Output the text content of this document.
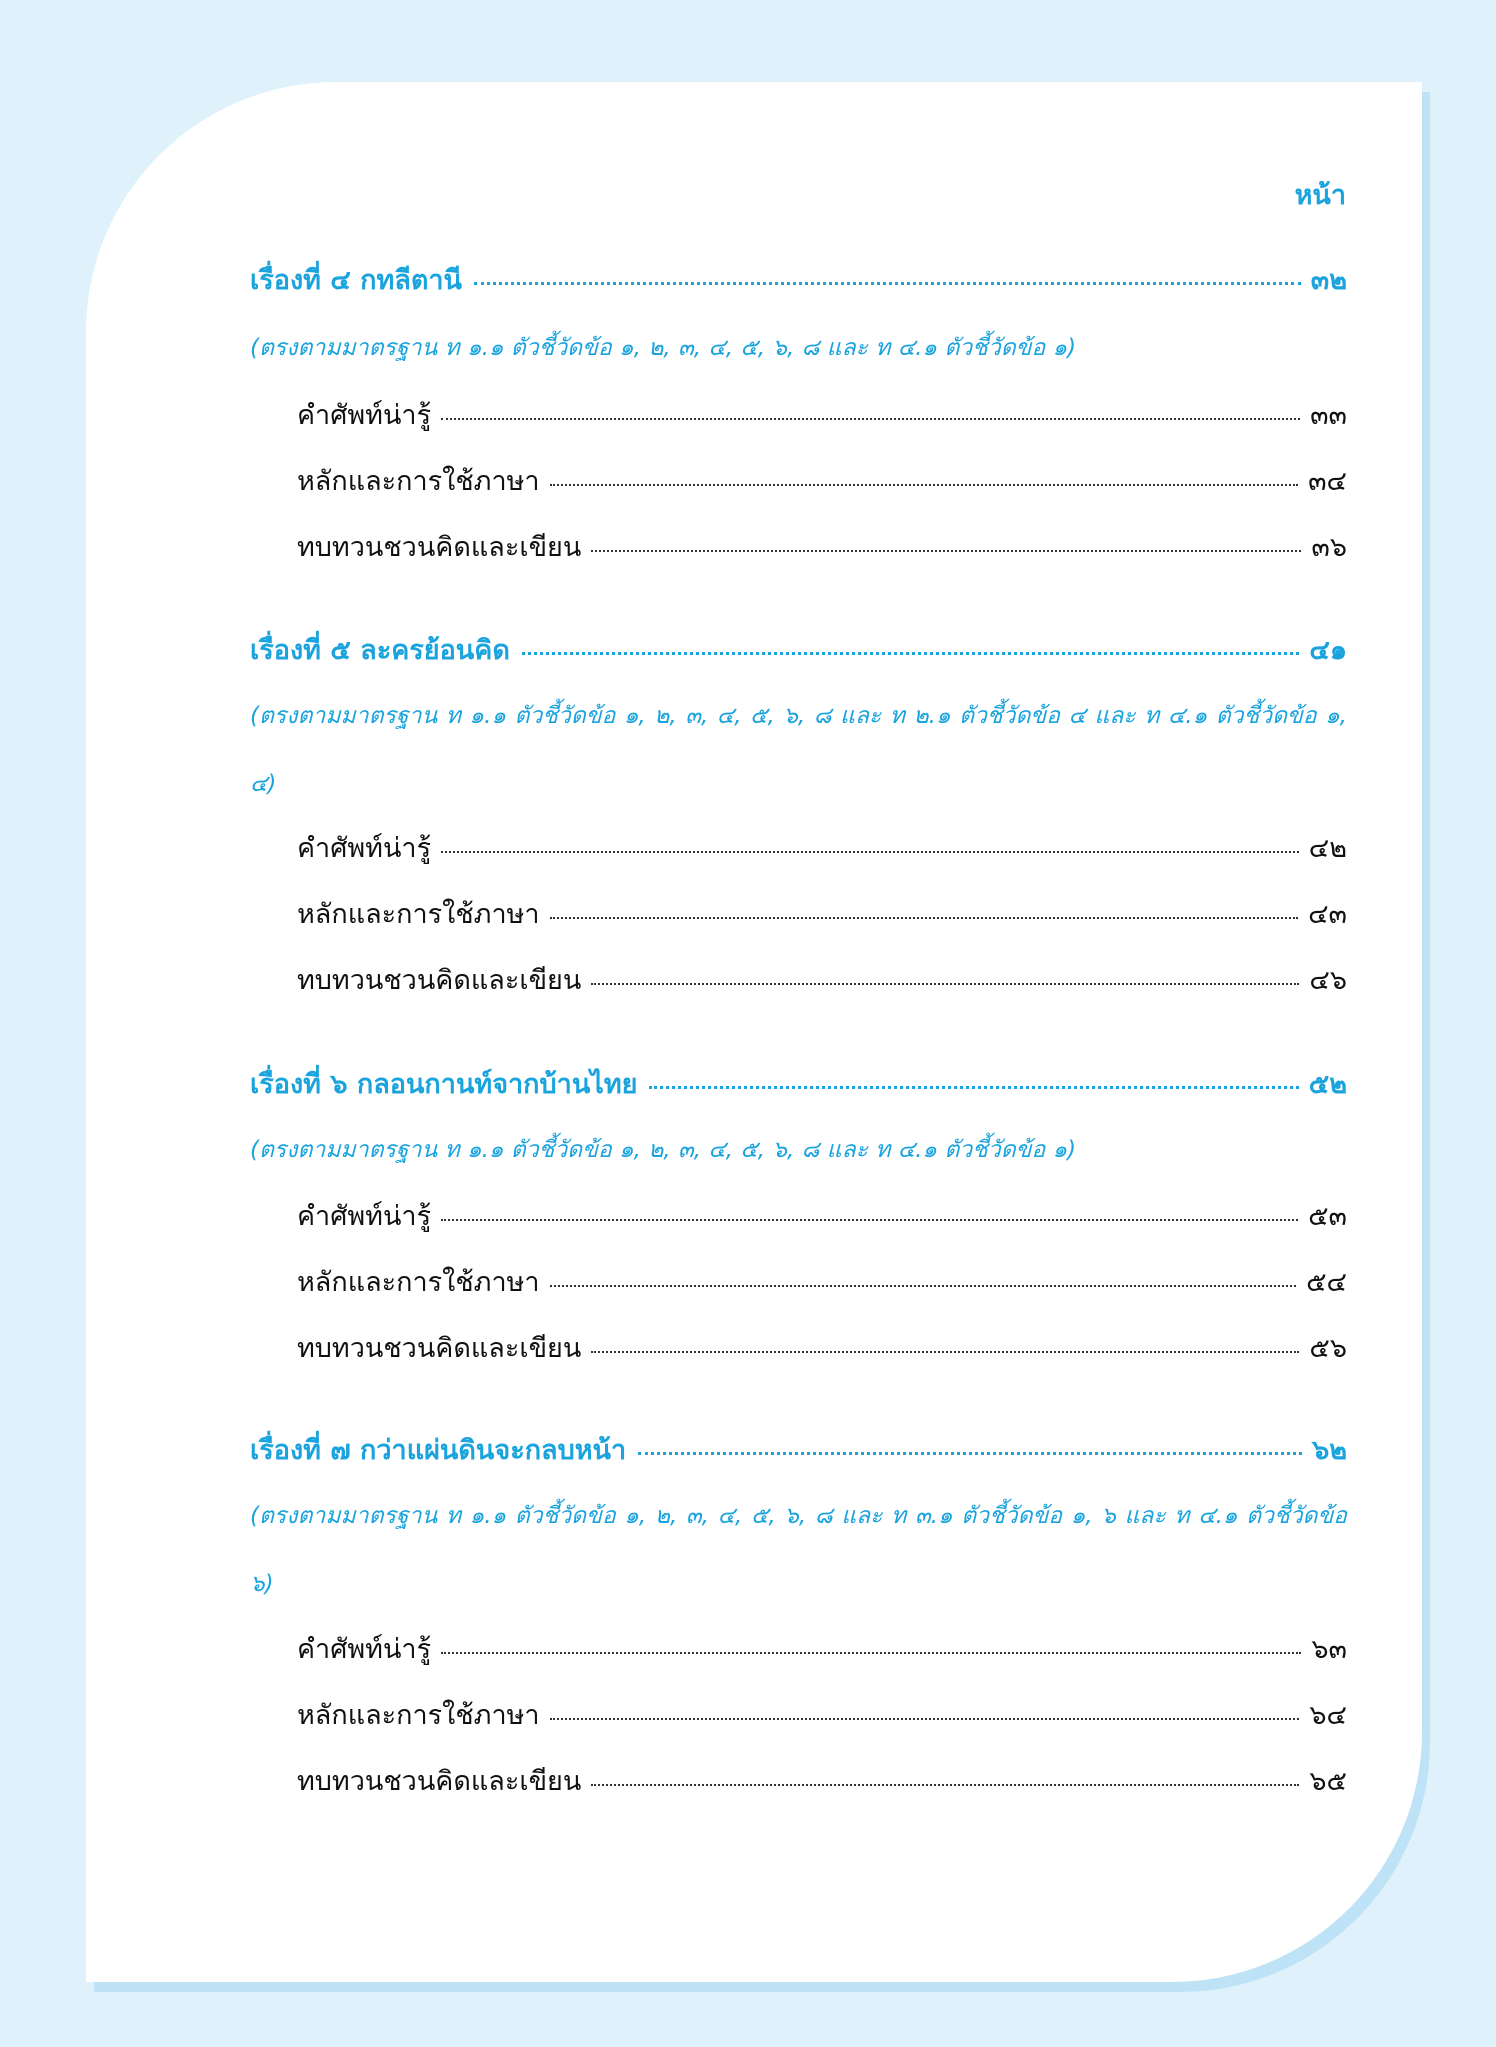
หน้า
เรื่องที่ ๔ กทลีตานี	๓๒
(ตรงตามมาตรฐาน ท ๑.๑ ตัวชี้วัดข้อ ๑, ๒, ๓, ๔, ๕, ๖, ๘ และ ท ๔.๑ ตัวชี้วัดข้อ ๑)
คำศัพท์น่ารู้	๓๓
หลักและการใช้ภาษา	๓๔
ทบทวนชวนคิดและเขียน	๓๖
เรื่องที่ ๕ ละครย้อนคิด	๔๑
(ตรงตามมาตรฐาน ท ๑.๑ ตัวชี้วัดข้อ ๑, ๒, ๓, ๔, ๕, ๖, ๘ และ ท ๒.๑ ตัวชี้วัดข้อ ๔ และ ท ๔.๑ ตัวชี้วัดข้อ ๑, ๔)
คำศัพท์น่ารู้	๔๒
หลักและการใช้ภาษา	๔๓
ทบทวนชวนคิดและเขียน	๔๖
เรื่องที่ ๖ กลอนกานท์จากบ้านไทย	๕๒
(ตรงตามมาตรฐาน ท ๑.๑ ตัวชี้วัดข้อ ๑, ๒, ๓, ๔, ๕, ๖, ๘ และ ท ๔.๑ ตัวชี้วัดข้อ ๑)
คำศัพท์น่ารู้	๕๓
หลักและการใช้ภาษา	๕๔
ทบทวนชวนคิดและเขียน	๕๖
เรื่องที่ ๗ กว่าแผ่นดินจะกลบหน้า	๖๒
(ตรงตามมาตรฐาน ท ๑.๑ ตัวชี้วัดข้อ ๑, ๒, ๓, ๔, ๕, ๖, ๘ และ ท ๓.๑ ตัวชี้วัดข้อ ๑, ๖ และ ท ๔.๑ ตัวชี้วัดข้อ ๖)
คำศัพท์น่ารู้	๖๓
หลักและการใช้ภาษา	๖๔
ทบทวนชวนคิดและเขียน	๖๕
